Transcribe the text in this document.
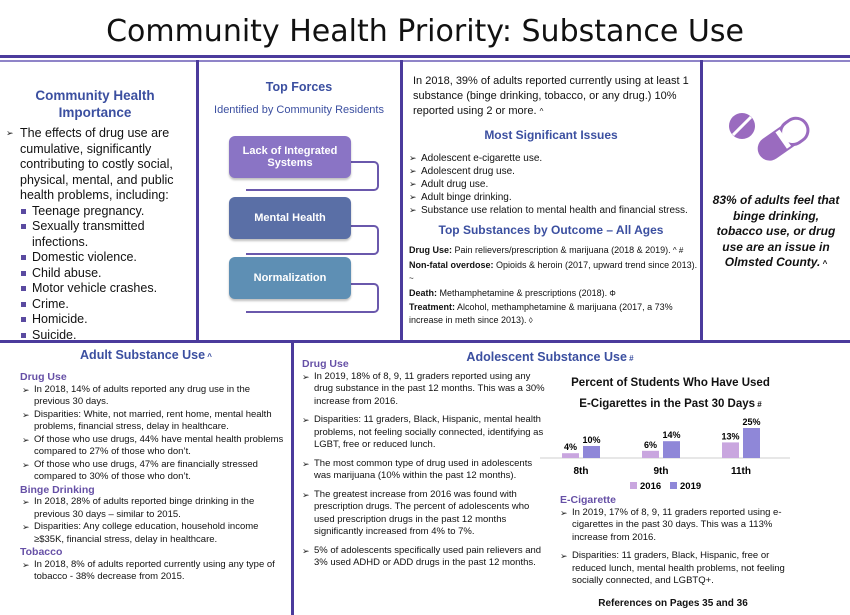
Community Health Priority: Substance Use
Community Health
Importance
➢ The effects of drug use are cumulative, significantly contributing to costly social, physical, mental, and public health problems, including:
Teenage pregnancy.
Sexually transmitted infections.
Domestic violence.
Child abuse.
Motor vehicle crashes.
Crime.
Homicide.
Suicide.
Top Forces
Identified by Community Residents
Lack of Integrated Systems
Mental Health
Normalization
In 2018, 39% of adults reported currently using at least 1 substance (binge drinking, tobacco, or any drug.) 10% reported using 2 or more. ^
Most Significant Issues
➢ Adolescent e-cigarette use.
➢ Adolescent drug use.
➢ Adult drug use.
➢ Adult binge drinking.
➢ Substance use relation to mental health and financial stress.
Top Substances by Outcome – All Ages
Drug Use: Pain relievers/prescription & marijuana (2018 & 2019). ^ #
Non-fatal overdose: Opioids & heroin (2017, upward trend since 2013). ~
Death: Methamphetamine & prescriptions (2018). Φ
Treatment: Alcohol, methamphetamine & marijuana (2017, a 73% increase in meth since 2013). ◊
83% of adults feel that binge drinking, tobacco use, or drug use are an issue in Olmsted County. ^
Adult Substance Use ^
Drug Use
➢ In 2018, 14% of adults reported any drug use in the previous 30 days.
➢ Disparities: White, not married, rent home, mental health problems, financial stress, delay in healthcare.
➢ Of those who use drugs, 44% have mental health problems compared to 27% of those who don’t.
➢ Of those who use drugs, 47% are financially stressed compared to 30% of those who don’t.
Binge Drinking
➢ In 2018, 28% of adults reported binge drinking in the previous 30 days – similar to 2015.
➢ Disparities: Any college education, household income ≥$35K, financial stress, delay in healthcare.
Tobacco
➢ In 2018, 8% of adults reported currently using any type of tobacco - 38% decrease from 2015.
Adolescent Substance Use #
Drug Use
➢ In 2019, 18% of 8, 9, 11 graders reported using any drug substance in the past 12 months. This was a 30% increase from 2016.
➢ Disparities: 11 graders, Black, Hispanic, mental health problems, not feeling socially connected, identifying as LGBT, free or reduced lunch.
➢ The most common type of drug used in adolescents was marijuana (10% within the past 12 months).
➢ The greatest increase from 2016 was found with prescription drugs. The percent of adolescents who used prescription drugs in the past 12 months significantly increased from 4% to 7%.
➢ 5% of adolescents specifically used pain relievers and 3% used ADHD or ADD drugs in the past 12 months.
Percent of Students Who Have Used
E-Cigarettes in the Past 30 Days #
4%
10%
8th
6%
14%
9th
13%
25%
11th
2016 2019
E-Cigarette
➢ In 2019, 17% of 8, 9, 11 graders reported using e-cigarettes in the past 30 days. This was a 113% increase from 2016.
➢ Disparities: 11 graders, Black, Hispanic, free or reduced lunch, mental health problems, not feeling socially connected, and LGBTQ+.
References on Pages 35 and 36
